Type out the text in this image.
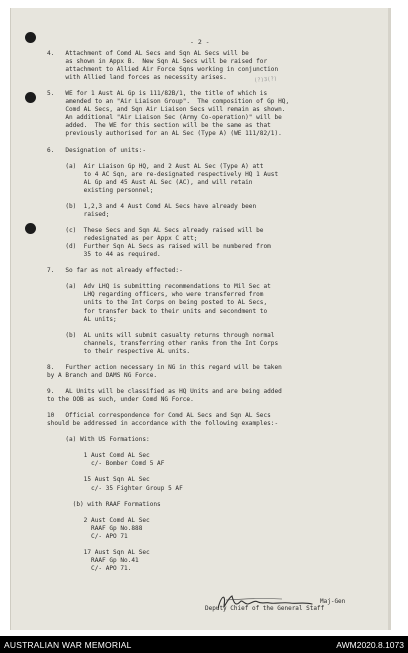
- 2 -
(?)3(?)
4.   Attachment of Comd AL Secs and Sqn AL Secs will be
as shown in Appx B.  New Sqn AL Secs will be raised for
attachment to Allied Air Force Sqns working in conjunction
with Allied land forces as necessity arises.
5.   WE for 1 Aust AL Gp is 111/82B/1, the title of which is
amended to an "Air Liaison Group".  The composition of Gp HQ,
Comd AL Secs, and Sqn Air Liaison Secs will remain as shown.
An additional "Air Liaison Sec (Army Co-operation)" will be
added.  The WE for this section will be the same as that
previously authorised for an AL Sec (Type A) (WE 111/82/1).
6.   Designation of units:-
(a)  Air Liaison Gp HQ, and 2 Aust AL Sec (Type A) att
to 4 AC Sqn, are re-designated respectively HQ 1 Aust
AL Gp and 45 Aust AL Sec (AC), and will retain
existing personnel;
(b)  1,2,3 and 4 Aust Comd AL Secs have already been
raised;
(c)  These Secs and Sqn AL Secs already raised will be
redesignated as per Appx C att;
(d)  Further Sqn AL Secs as raised will be numbered from
35 to 44 as required.
7.   So far as not already effected:-
(a)  Adv LHQ is submitting recommendations to Mil Sec at
LHQ regarding officers, who were transferred from
units to the Int Corps on being posted to AL Secs,
for transfer back to their units and secondment to
AL units;
(b)  AL units will submit casualty returns through normal
channels, transferring other ranks from the Int Corps
to their respective AL units.
8.   Further action necessary in NG in this regard will be taken
by A Branch and DAMS NG Force.
9.   AL Units will be classified as HQ Units and are being added
to the OOB as such, under Comd NG Force.
10   Official correspondence for Comd AL Secs and Sqn AL Secs
should be addressed in accordance with the following examples:-
(a) With US Formations:
1 Aust Comd AL Sec
c/- Bomber Comd 5 AF
15 Aust Sqn AL Sec
c/- 35 Fighter Group 5 AF
(b) with RAAF Formations
2 Aust Comd AL Sec
RAAF Gp No.888
C/- APO 71
17 Aust Sqn AL Sec
RAAF Gp No.41
C/- APO 71.
Maj-Gen
Deputy Chief of the General Staff
AUSTRALIAN WAR MEMORIAL	AWM2020.8.1073
